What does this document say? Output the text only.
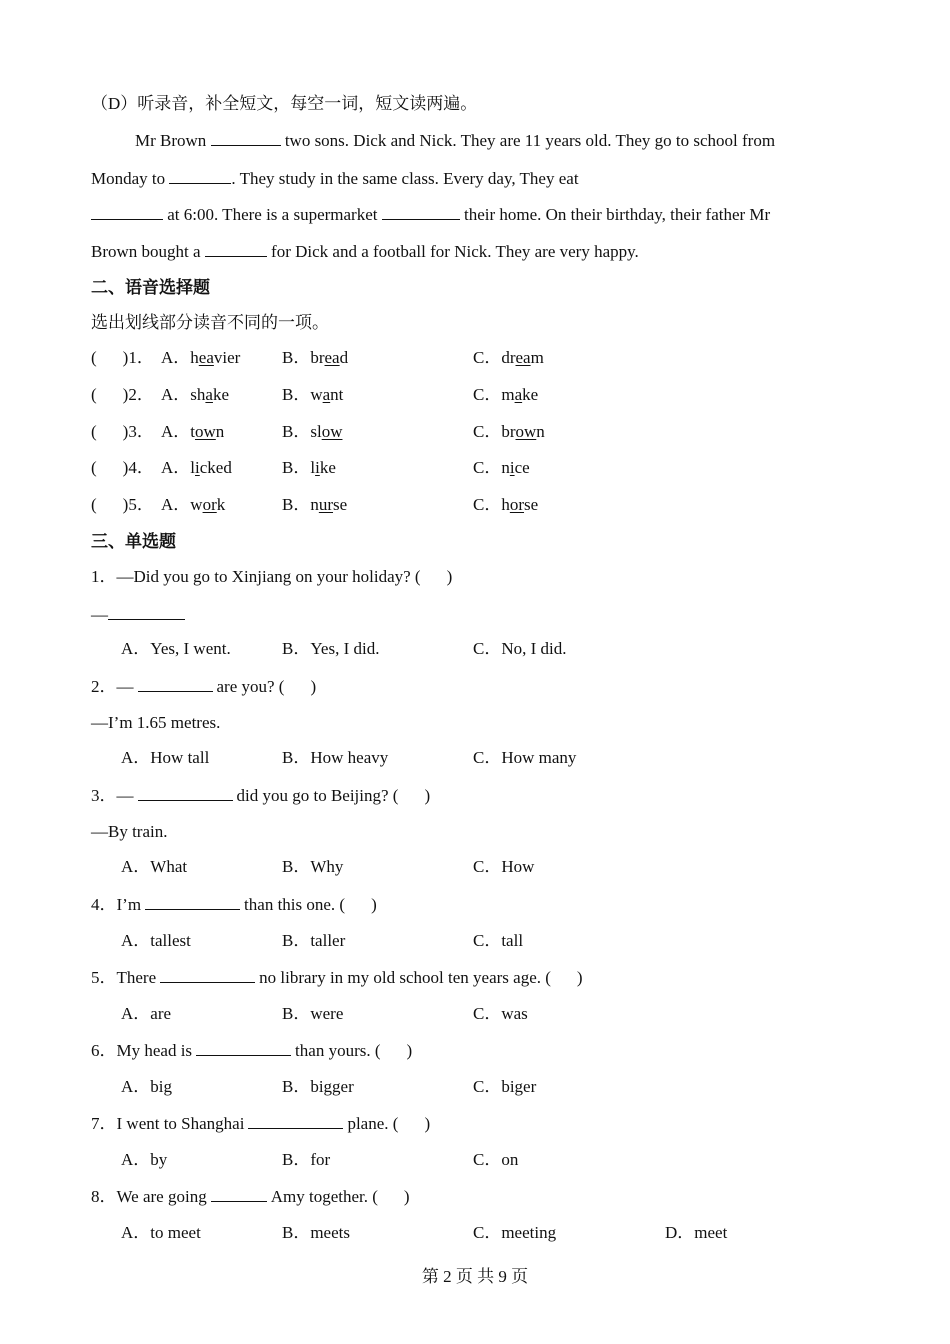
（D）听录音，补全短文，每空一词，短文读两遍。
Mr Brown	two sons. Dick and Nick. They are 11 years old. They go to school from
Monday to	. They study in the same class. Every day, They eat
at 6:00. There is a supermarket	their home. On their birthday, their father Mr
Brown bought a	for Dick and a football for Nick. They are very happy.
二、语音选择题
选出划线部分读音不同的一项。
( )1． A．heavier B．bread	C．dream
( )2． A．shake	B．want	C．make
( )3． A．town	B．slow	C．brown
( )4． A．licked	B．like	C．nice
( )5． A．work	B．nurse	C．horse
三、单选题
1．—Did you go to Xinjiang on your holiday? ( )
—
A．Yes, I went.	B．Yes, I did.	C．No, I did.
2．—	are you? ( )
—I’m 1.65 metres.
A．How tall	B．How heavy	C．How many
3．—	did you go to Beijing? ( )
—By train.
A．What	B．Why	C．How
4．I’m	than this one. ( )
A．tallest	B．taller	C．tall
5．There	no library in my old school ten years age. ( )
A．are	B．were	C．was
6．My head is	than yours. ( )
A．big	B．bigger	C．biger
7．I went to Shanghai	plane. ( )
A．by	B．for	C．on
8．We are going	Amy together. ( )
A．to meet	B．meets	C．meeting	D．meet
第 2 页 共 9 页
